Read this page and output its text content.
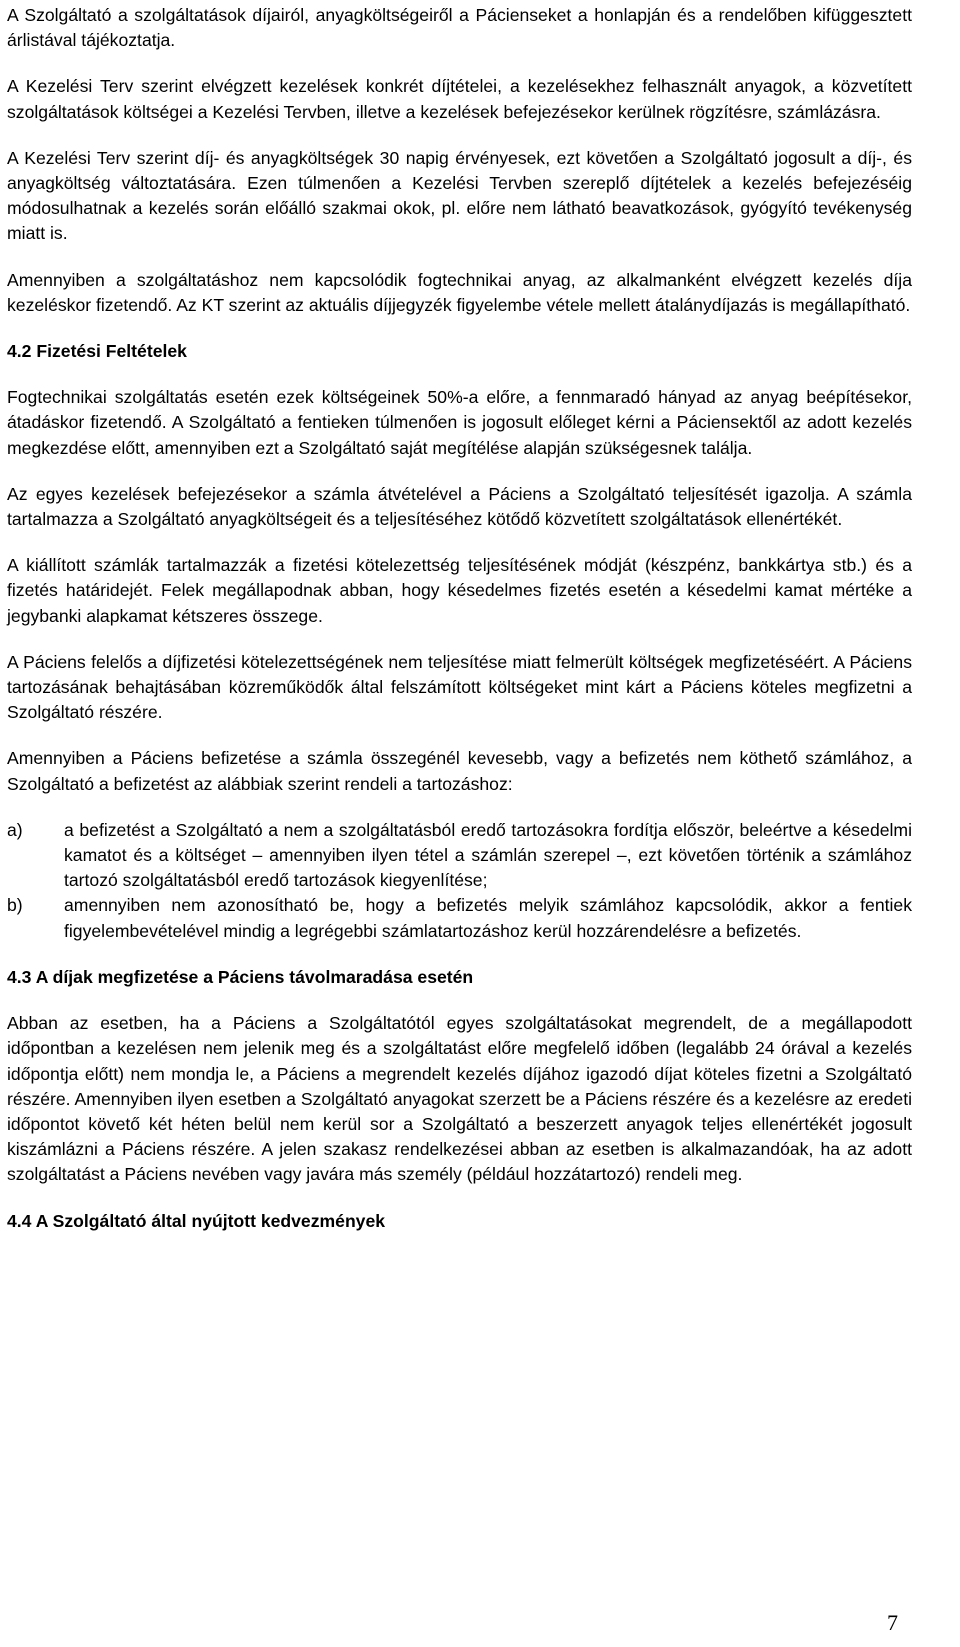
A Szolgáltató a szolgáltatások díjairól, anyagköltségeiről a Pácienseket a honlapján és a rendelőben kifüggesztett árlistával tájékoztatja.

A Kezelési Terv szerint elvégzett kezelések konkrét díjtételei, a kezelésekhez felhasznált anyagok, a közvetített szolgáltatások költségei a Kezelési Tervben, illetve a kezelések befejezésekor kerülnek rögzítésre, számlázásra.

A Kezelési Terv szerint díj- és anyagköltségek 30 napig érvényesek, ezt követően a Szolgáltató jogosult a díj-, és anyagköltség változtatására. Ezen túlmenően a Kezelési Tervben szereplő díjtételek a kezelés befejezéséig módosulhatnak a kezelés során előálló szakmai okok, pl. előre nem látható beavatkozások, gyógyító tevékenység miatt is.

Amennyiben a szolgáltatáshoz nem kapcsolódik fogtechnikai anyag, az alkalmanként elvégzett kezelés díja kezeléskor fizetendő. Az KT szerint az aktuális díjjegyzék figyelembe vétele mellett átalánydíjazás is megállapítható.

4.2 Fizetési Feltételek

Fogtechnikai szolgáltatás esetén ezek költségeinek 50%-a előre, a fennmaradó hányad az anyag beépítésekor, átadáskor fizetendő. A Szolgáltató a fentieken túlmenően is jogosult előleget kérni a Páciensektől az adott kezelés megkezdése előtt, amennyiben ezt a Szolgáltató saját megítélése alapján szükségesnek találja.

Az egyes kezelések befejezésekor a számla átvételével a Páciens a Szolgáltató teljesítését igazolja. A számla tartalmazza a Szolgáltató anyagköltségeit és a teljesítéséhez kötődő közvetített szolgáltatások ellenértékét.

A kiállított számlák tartalmazzák a fizetési kötelezettség teljesítésének módját (készpénz, bankkártya stb.) és a fizetés határidejét. Felek megállapodnak abban, hogy késedelmes fizetés esetén a késedelmi kamat mértéke a jegybanki alapkamat kétszeres összege.

A Páciens felelős a díjfizetési kötelezettségének nem teljesítése miatt felmerült költségek megfizetéséért. A Páciens tartozásának behajtásában közreműködők által felszámított költségeket mint kárt a Páciens köteles megfizetni a Szolgáltató részére.

Amennyiben a Páciens befizetése a számla összegénél kevesebb, vagy a befizetés nem köthető számlához, a Szolgáltató a befizetést az alábbiak szerint rendeli a tartozáshoz:

a)	a befizetést a Szolgáltató a nem a szolgáltatásból eredő tartozásokra fordítja először, beleértve a késedelmi kamatot és a költséget – amennyiben ilyen tétel a számlán szerepel –, ezt követően történik a számlához tartozó szolgáltatásból eredő tartozások kiegyenlítése;
b)	amennyiben nem azonosítható be, hogy a befizetés melyik számlához kapcsolódik, akkor a fentiek figyelembevételével mindig a legrégebbi számlatartozáshoz kerül hozzárendelésre a befizetés.
4.3 A díjak megfizetése a Páciens távolmaradása esetén

Abban az esetben, ha a Páciens a Szolgáltatótól egyes szolgáltatásokat megrendelt, de a megállapodott időpontban a kezelésen nem jelenik meg és a szolgáltatást előre megfelelő időben (legalább 24 órával a kezelés időpontja előtt) nem mondja le, a Páciens a megrendelt kezelés díjához igazodó díjat köteles fizetni a Szolgáltató részére. Amennyiben ilyen esetben a Szolgáltató anyagokat szerzett be a Páciens részére és a kezelésre az eredeti időpontot követő két héten belül nem kerül sor a Szolgáltató a beszerzett anyagok teljes ellenértékét jogosult kiszámlázni a Páciens részére. A jelen szakasz rendelkezései abban az esetben is alkalmazandóak, ha az adott szolgáltatást a Páciens nevében vagy javára más személy (például hozzátartozó) rendeli meg.

4.4 A Szolgáltató által nyújtott kedvezmények
7
